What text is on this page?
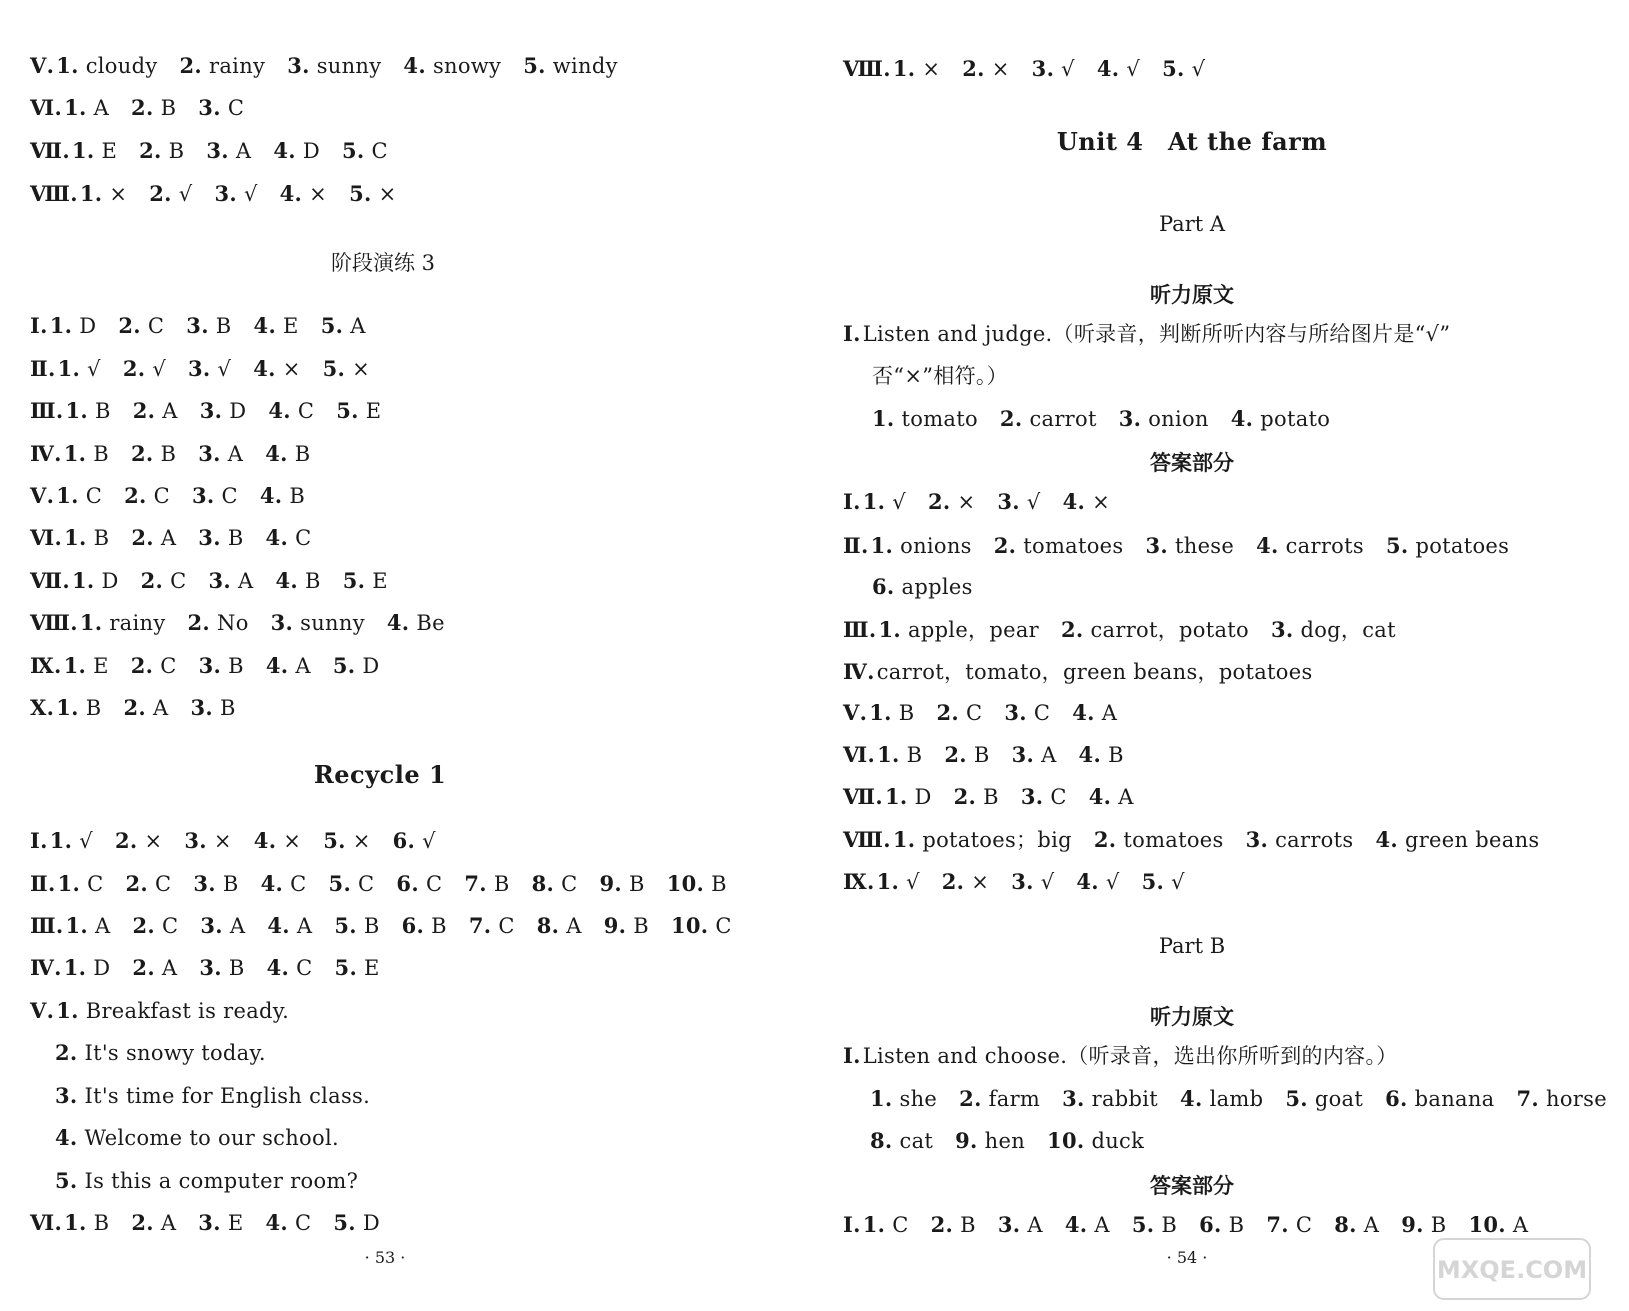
Ⅴ.1. cloudy 2. rainy 3. sunny 4. snowy 5. windy
Ⅵ.1. A 2. B 3. C
Ⅶ.1. E 2. B 3. A 4. D 5. C
Ⅷ.1. × 2. √ 3. √ 4. × 5. ×
Ⅰ.1. D 2. C 3. B 4. E 5. A
Ⅱ.1. √ 2. √ 3. √ 4. × 5. ×
Ⅲ.1. B 2. A 3. D 4. C 5. E
Ⅳ.1. B 2. B 3. A 4. B
Ⅴ.1. C 2. C 3. C 4. B
Ⅵ.1. B 2. A 3. B 4. C
Ⅶ.1. D 2. C 3. A 4. B 5. E
Ⅷ.1. rainy 2. No 3. sunny 4. Be
Ⅸ.1. E 2. C 3. B 4. A 5. D
Ⅹ.1. B 2. A 3. B
Ⅰ.1. √ 2. × 3. × 4. × 5. × 6. √
Ⅱ.1. C 2. C 3. B 4. C 5. C 6. C 7. B 8. C 9. B 10. B
Ⅲ.1. A 2. C 3. A 4. A 5. B 6. B 7. C 8. A 9. B 10. C
Ⅳ.1. D 2. A 3. B 4. C 5. E
Ⅴ.1. Breakfast is ready.
2. It's snowy today.
3. It's time for English class.
4. Welcome to our school.
5. Is this a computer room?
Ⅵ.1. B 2. A 3. E 4. C 5. D
阶段演练 3
Recycle 1
· 53 ·
Ⅷ.1. × 2. × 3. √ 4. √ 5. √
Ⅰ.Listen and judge.（听录音，判断所听内容与所给图片是“√”
否“×”相符。）
1. tomato 2. carrot 3. onion 4. potato
Ⅰ.1. √ 2. × 3. √ 4. ×
Ⅱ.1. onions 2. tomatoes 3. these 4. carrots 5. potatoes
6. apples
Ⅲ.1. apple，pear 2. carrot，potato 3. dog，cat
Ⅳ.carrot，tomato，green beans，potatoes
Ⅴ.1. B 2. C 3. C 4. A
Ⅵ.1. B 2. B 3. A 4. B
Ⅶ.1. D 2. B 3. C 4. A
Ⅷ.1. potatoes；big 2. tomatoes 3. carrots 4. green beans
Ⅸ.1. √ 2. × 3. √ 4. √ 5. √
Ⅰ.Listen and choose.（听录音，选出你所听到的内容。）
1. she 2. farm 3. rabbit 4. lamb 5. goat 6. banana 7. horse
8. cat 9. hen 10. duck
Ⅰ.1. C 2. B 3. A 4. A 5. B 6. B 7. C 8. A 9. B 10. A
Unit 4　At the farm
Part A
听力原文
答案部分
Part B
听力原文
答案部分
· 54 ·	MXQE.COM
